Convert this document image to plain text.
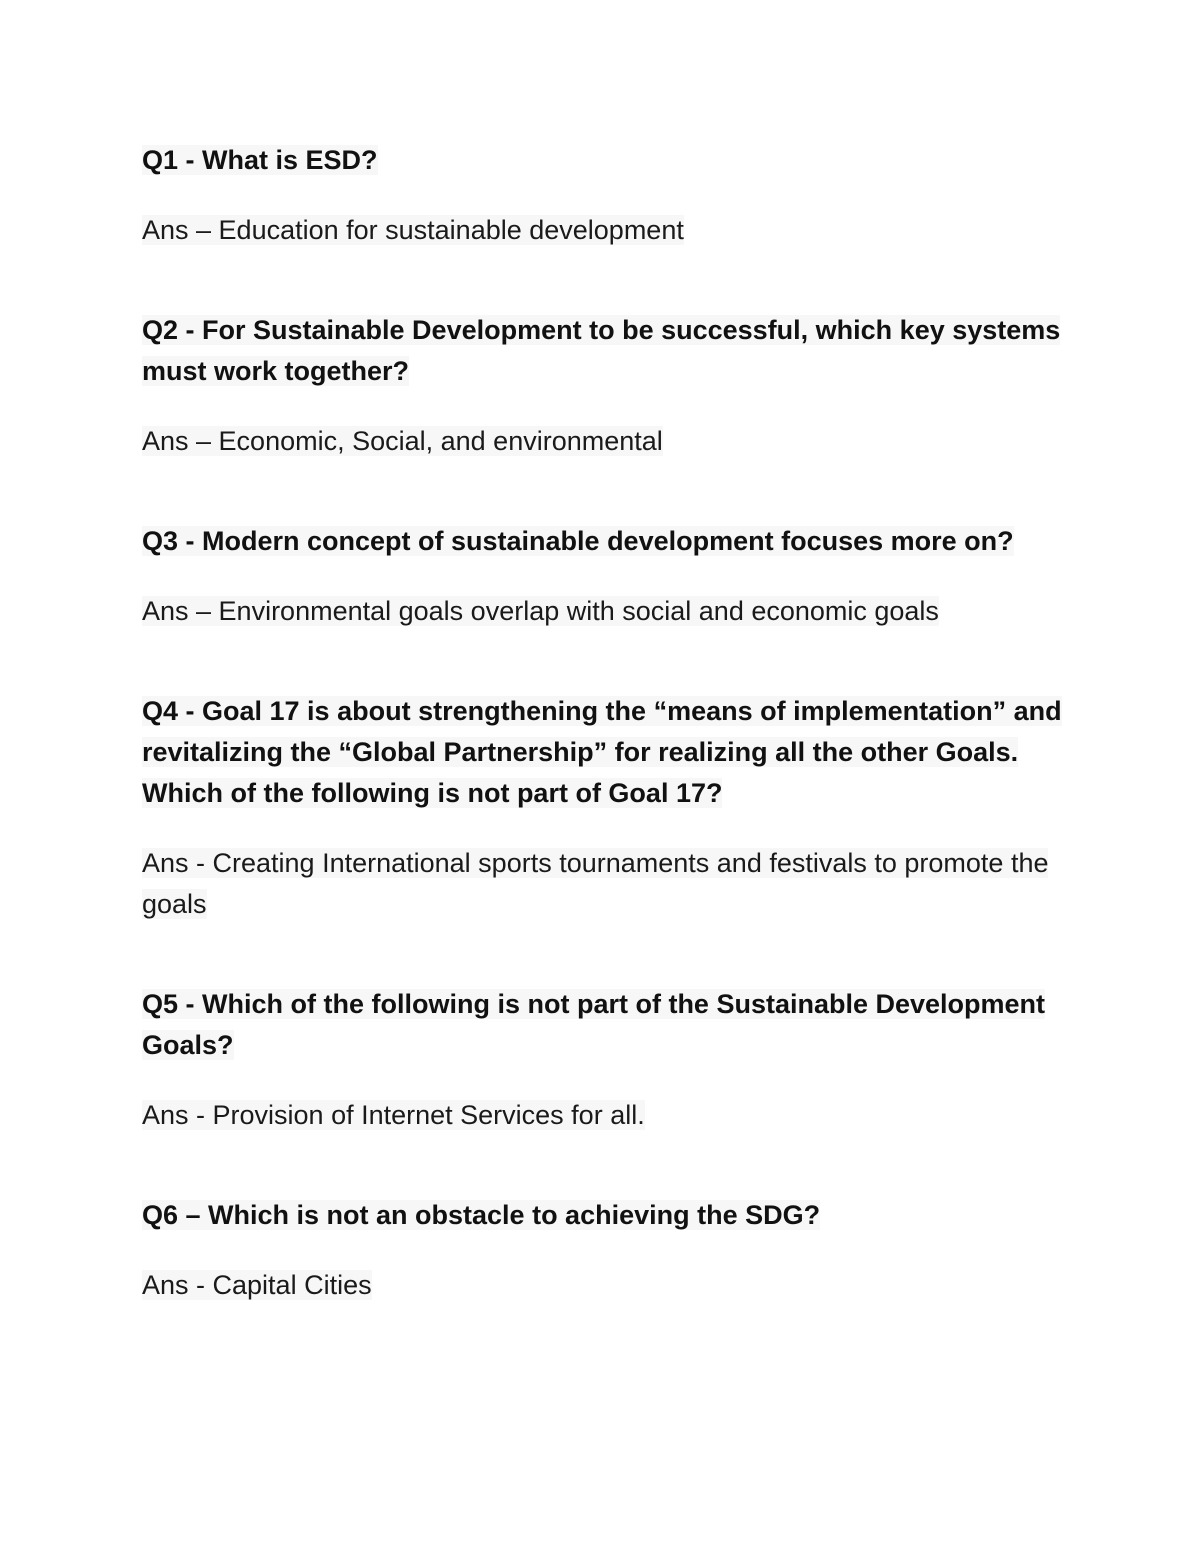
Q1 - What is ESD?

Ans – Education for sustainable development

Q2 - For Sustainable Development to be successful, which key systems must work together?

Ans – Economic, Social, and environmental

Q3 - Modern concept of sustainable development focuses more on?

Ans – Environmental goals overlap with social and economic goals

Q4 - Goal 17 is about strengthening the “means of implementation” and revitalizing the “Global Partnership” for realizing all the other Goals. Which of the following is not part of Goal 17?

Ans - Creating International sports tournaments and festivals to promote the goals

Q5 - Which of the following is not part of the Sustainable Development Goals?

Ans - Provision of Internet Services for all.

Q6 – Which is not an obstacle to achieving the SDG?

Ans - Capital Cities
